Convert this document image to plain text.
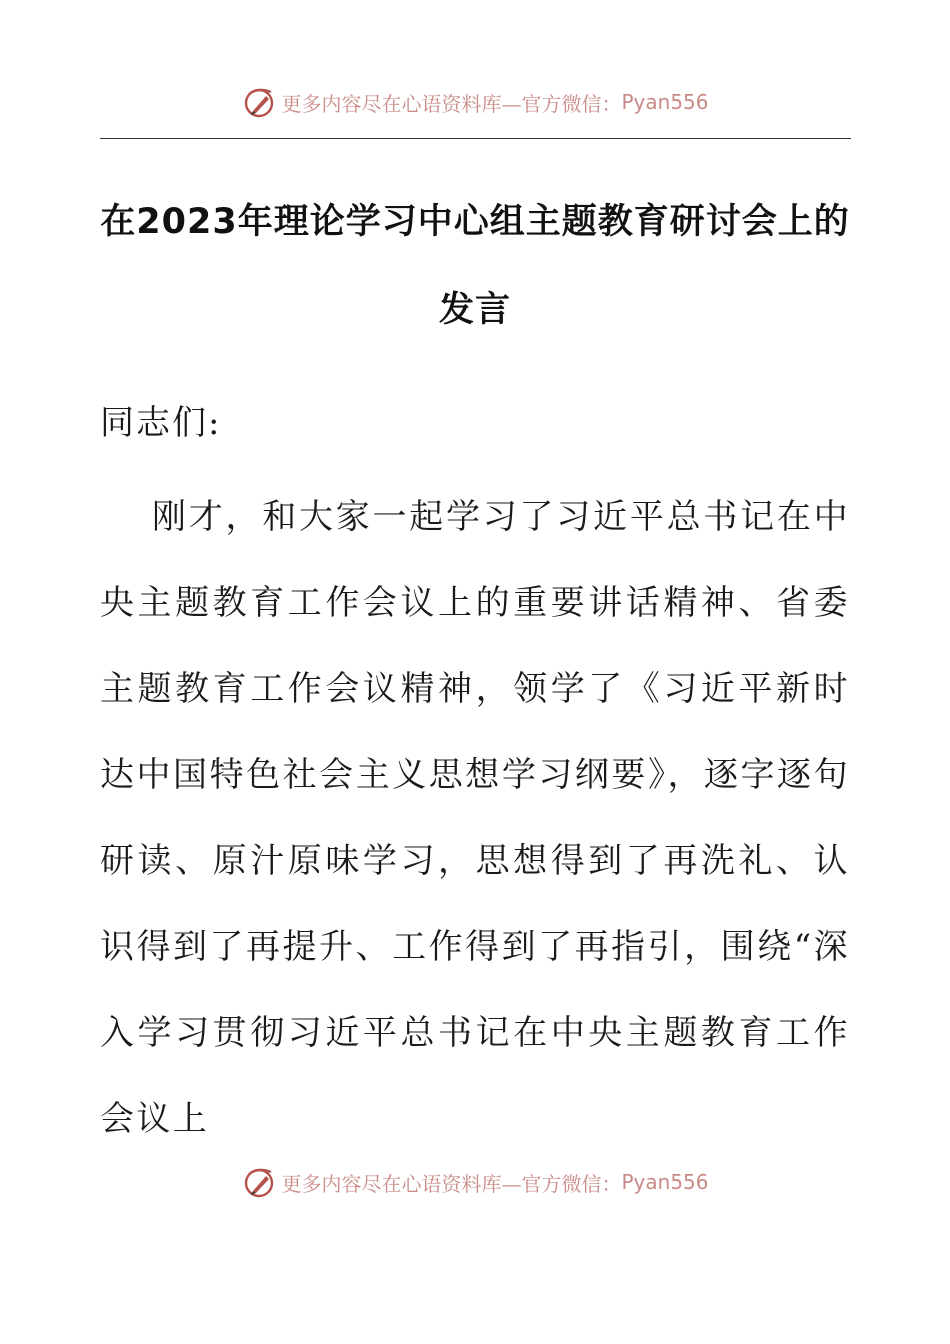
更多内容尽在心语资料库—官方微信： Pyan556
在2023年理论学习中心组主题教育研讨会上的发言

同志们:

刚才，和大家一起学习了习近平总书记在中央主题教育工作会议上的重要讲话精神、省委主题教育工作会议精神，领学了《习近平新时达中国特色社会主义思想学习纲要》，逐字逐句研读、原汁原味学习，思想得到了再洗礼、认识得到了再提升、工作得到了再指引，围绕“深入学习贯彻习近平总书记在中央主题教育工作会议上

更多内容尽在心语资料库—官方微信： Pyan556
